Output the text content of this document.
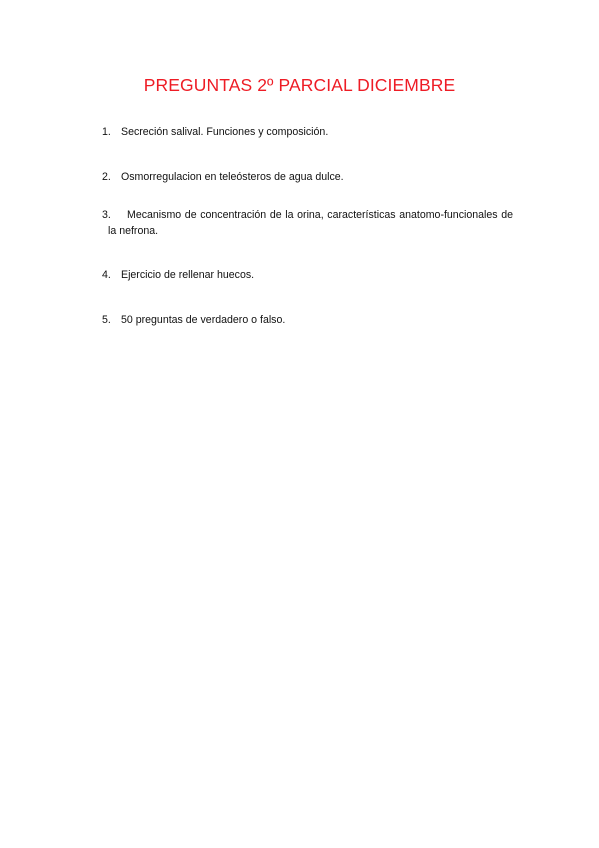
PREGUNTAS 2º PARCIAL DICIEMBRE
1. Secreción salival. Funciones y composición.
2. Osmorregulacion en teleósteros de agua dulce.
3.	Mecanismo de concentración de la orina, características anatomo-funcionales de la nefrona.
4. Ejercicio de rellenar huecos.
5. 50 preguntas de verdadero o falso.
